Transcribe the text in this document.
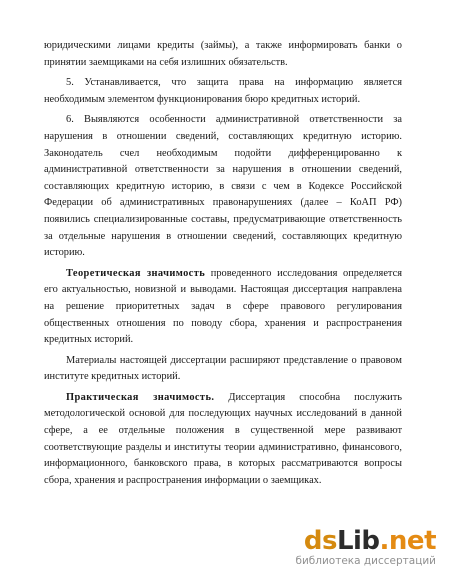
юридическими лицами кредиты (займы), а также информировать банки о принятии заемщиками на себя излишних обязательств.

5. Устанавливается, что защита права на информацию является необходимым элементом функционирования бюро кредитных историй.

6. Выявляются особенности административной ответственности за нарушения в отношении сведений, составляющих кредитную историю. Законодатель счел необходимым подойти дифференцированно к административной ответственности за нарушения в отношении сведений, составляющих кредитную историю, в связи с чем в Кодексе Российской Федерации об административных правонарушениях (далее – КоАП РФ) появились специализированные составы, предусматривающие ответственность за отдельные нарушения в отношении сведений, составляющих кредитную историю.

Теоретическая значимость проведенного исследования определяется его актуальностью, новизной и выводами. Настоящая диссертация направлена на решение приоритетных задач в сфере правового регулирования общественных отношения по поводу сбора, хранения и распространения кредитных историй.

Материалы настоящей диссертации расширяют представление о правовом институте кредитных историй.

Практическая значимость. Диссертация способна послужить методологической основой для последующих научных исследований в данной сфере, а ее отдельные положения в существенной мере развивают соответствующие разделы и институты теории административно, финансового, информационного, банковского права, в которых рассматриваются вопросы сбора, хранения и распространения информации о заемщиках.

dsLib.net
библиотека диссертаций
